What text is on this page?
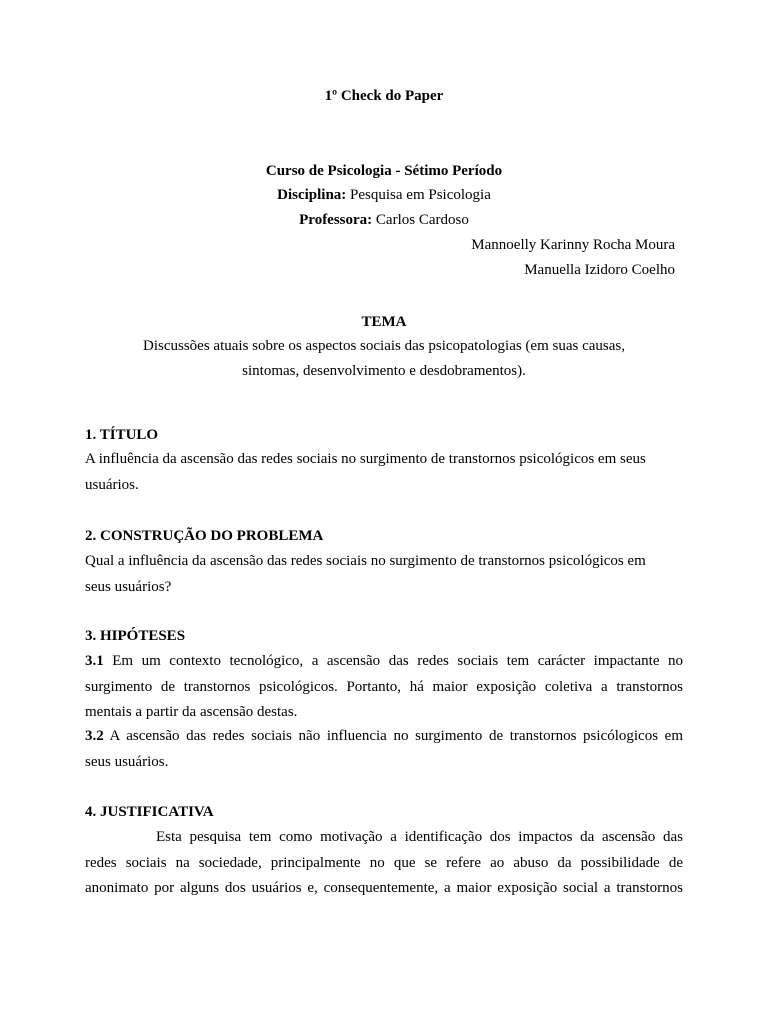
1º Check do Paper
Curso de Psicologia - Sétimo Período
Disciplina: Pesquisa em Psicologia
Professora: Carlos Cardoso
Mannoelly Karinny Rocha Moura
Manuella Izidoro Coelho
TEMA
Discussões atuais sobre os aspectos sociais das psicopatologias (em suas causas,
sintomas, desenvolvimento e desdobramentos).
1. TÍTULO
A influência da ascensão das redes sociais no surgimento de transtornos psicológicos em seus
usuários.
2. CONSTRUÇÃO DO PROBLEMA
Qual a influência da ascensão das redes sociais no surgimento de transtornos psicológicos em
seus usuários?
3. HIPÓTESES
3.1 Em um contexto tecnológico, a ascensão das redes sociais tem carácter impactante no
surgimento de transtornos psicológicos. Portanto, há maior exposição coletiva a transtornos
mentais a partir da ascensão destas.
3.2 A ascensão das redes sociais não influencia no surgimento de transtornos psicólogicos em
seus usuários.
4. JUSTIFICATIVA
Esta pesquisa tem como motivação a identificação dos impactos da ascensão das
redes sociais na sociedade, principalmente no que se refere ao abuso da possibilidade de
anonimato por alguns dos usuários e, consequentemente, a maior exposição social a transtornos
